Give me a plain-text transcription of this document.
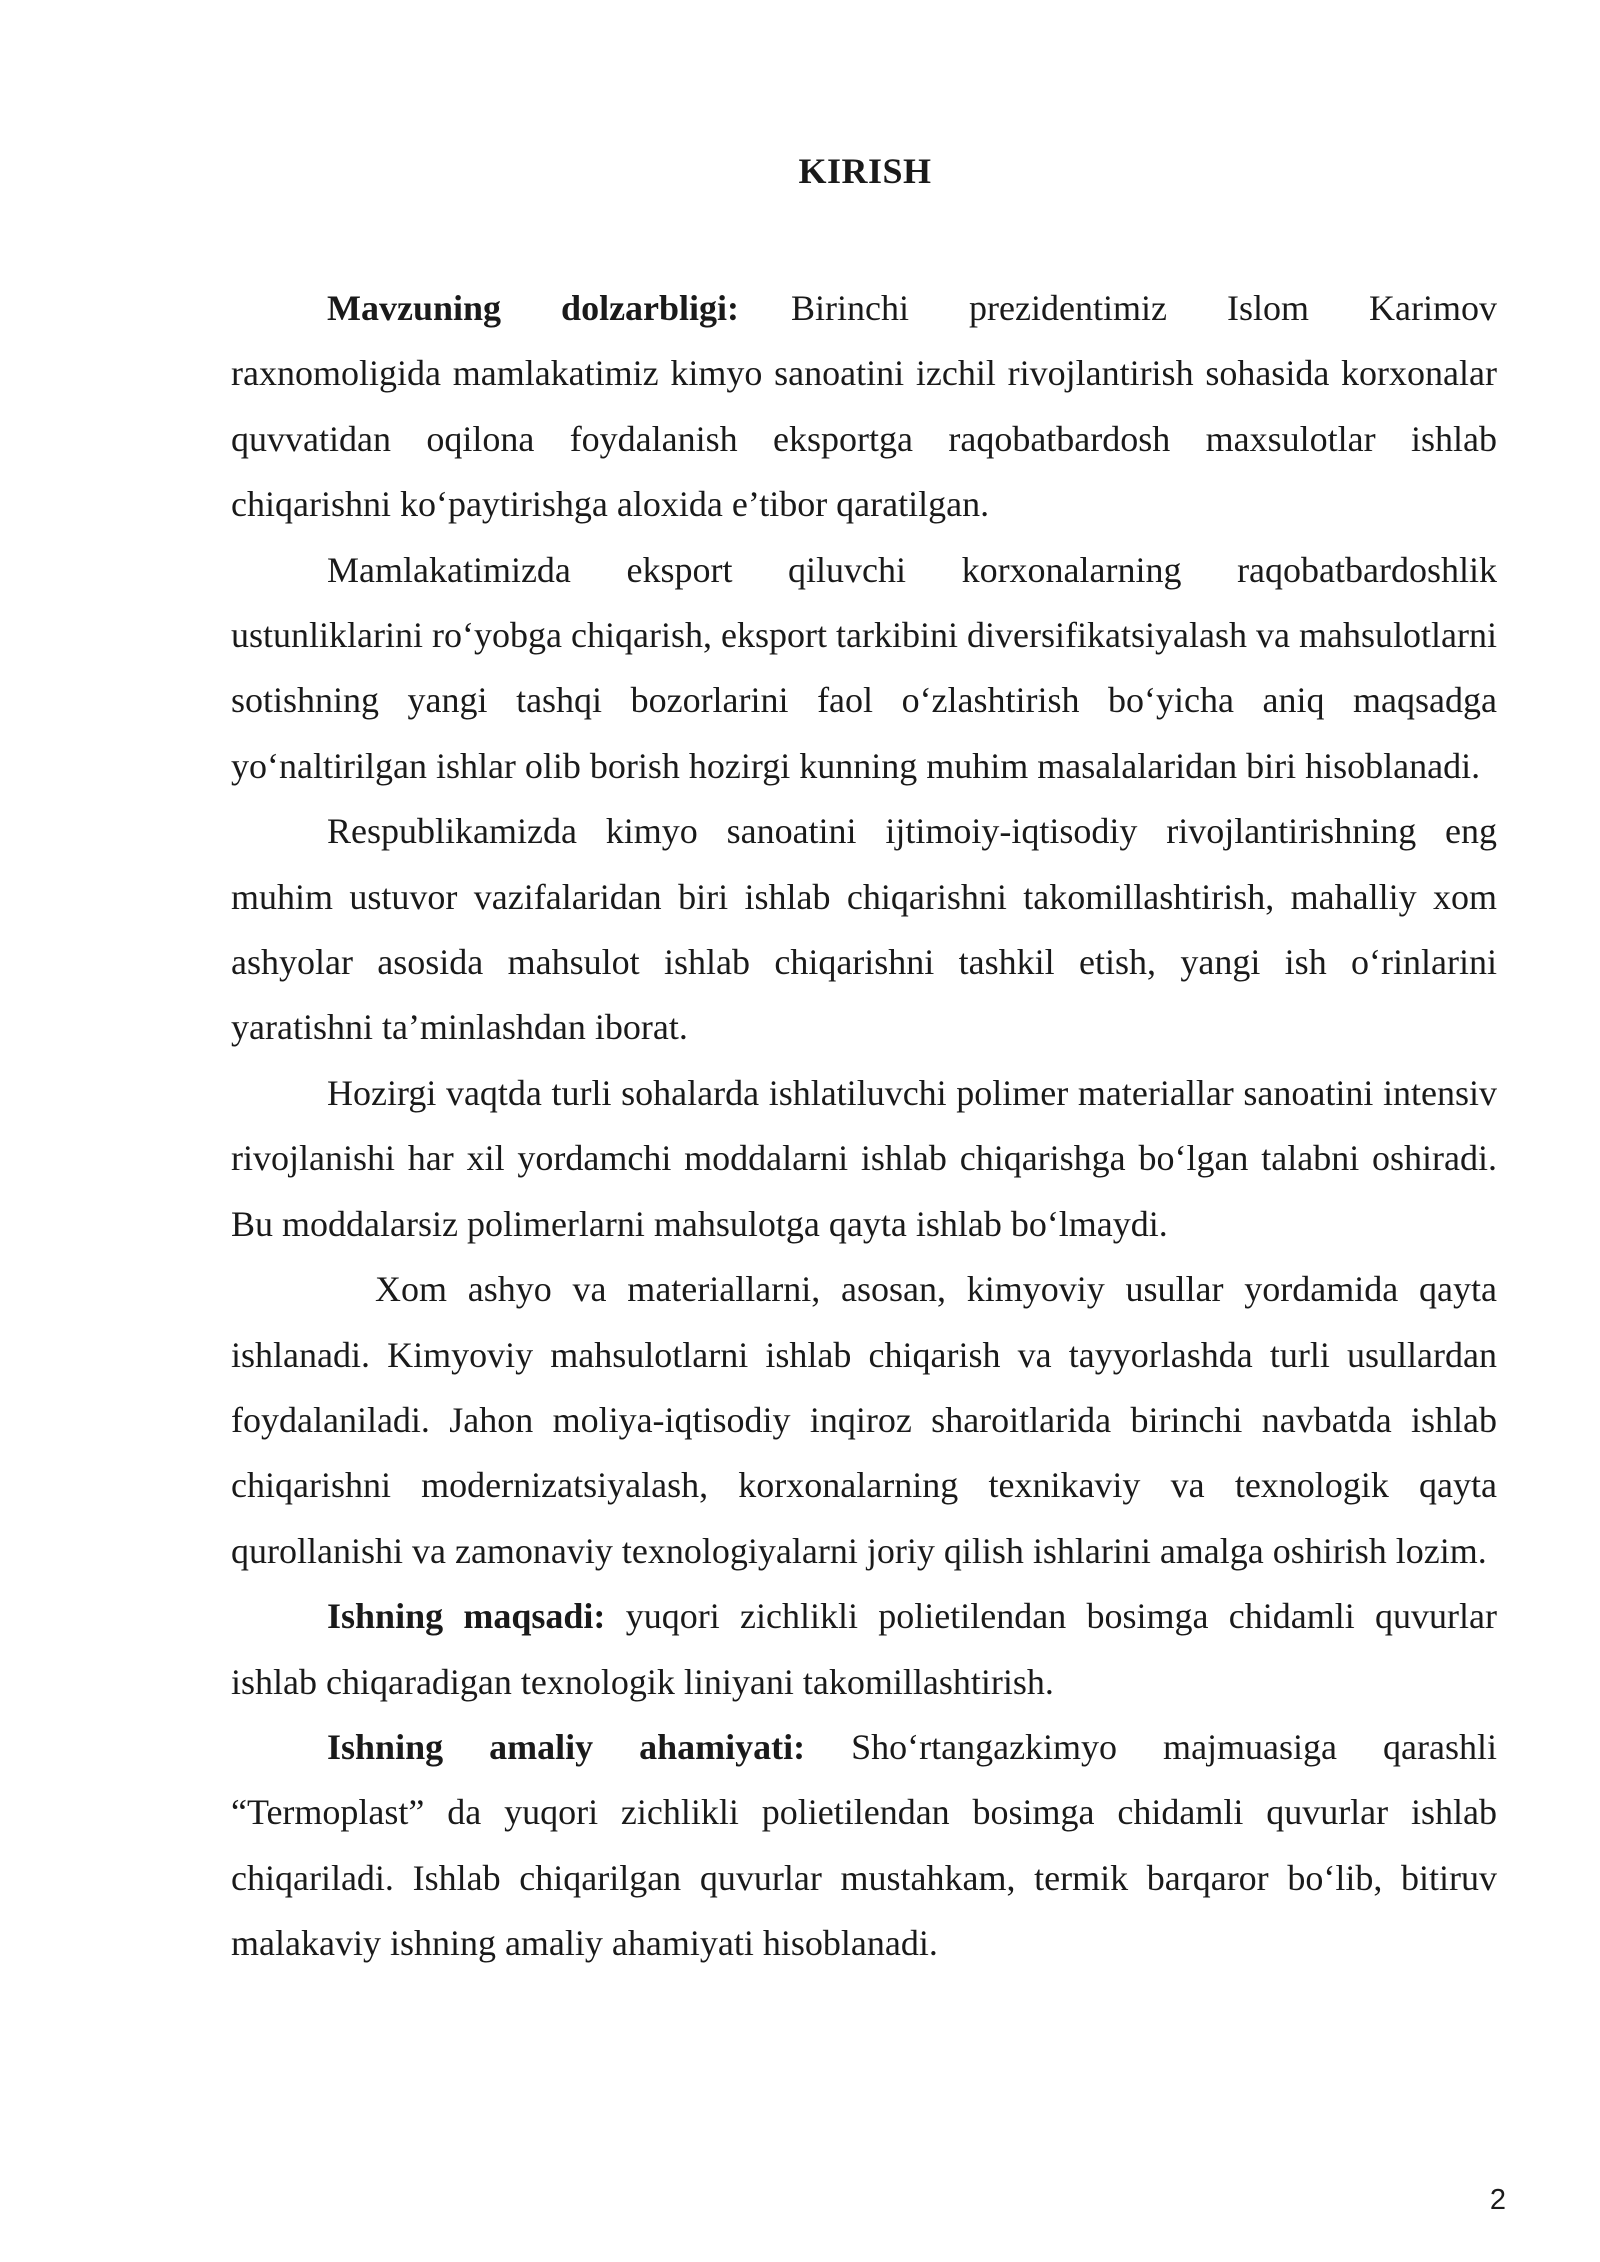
KIRISH

Mavzuning dolzarbligi: Birinchi prezidentimiz Islom Karimov raxnomoligida mamlakatimiz kimyo sanoatini izchil rivojlantirish sohasida korxonalar quvvatidan oqilona foydalanish eksportga raqobatbardosh maxsulotlar ishlab chiqarishni ko‘paytirishga aloxida e’tibor qaratilgan.

Mamlakatimizda eksport qiluvchi korxonalarning raqobatbardoshlik ustunliklarini ro‘yobga chiqarish, eksport tarkibini diversifikatsiyalash va mahsulotlarni sotishning yangi tashqi bozorlarini faol o‘zlashtirish bo‘yicha aniq maqsadga yo‘naltirilgan ishlar olib borish hozirgi kunning muhim masalalaridan biri hisoblanadi.

Respublikamizda kimyo sanoatini ijtimoiy-iqtisodiy rivojlantirishning eng muhim ustuvor vazifalaridan biri ishlab chiqarishni takomillashtirish, mahalliy xom ashyolar asosida mahsulot ishlab chiqarishni tashkil etish, yangi ish o‘rinlarini yaratishni ta’minlashdan iborat.

Hozirgi vaqtda turli sohalarda ishlatiluvchi polimer materiallar sanoatini intensiv rivojlanishi har xil yordamchi moddalarni ishlab chiqarishga bo‘lgan talabni oshiradi. Bu moddalarsiz polimerlarni mahsulotga qayta ishlab bo‘lmaydi.

Xom ashyo va materiallarni, asosan, kimyoviy usullar yordamida qayta ishlanadi. Kimyoviy mahsulotlarni ishlab chiqarish va tayyorlashda turli usullardan foydalaniladi. Jahon moliya-iqtisodiy inqiroz sharoitlarida birinchi navbatda ishlab chiqarishni modernizatsiyalash, korxonalarning texnikaviy va texnologik qayta qurollanishi va zamonaviy texnologiyalarni joriy qilish ishlarini amalga oshirish lozim.

Ishning maqsadi: yuqori zichlikli polietilendan bosimga chidamli quvurlar ishlab chiqaradigan texnologik liniyani takomillashtirish.

Ishning amaliy ahamiyati: Sho‘rtangazkimyo majmuasiga qarashli “Termoplast” da yuqori zichlikli polietilendan bosimga chidamli quvurlar ishlab chiqariladi. Ishlab chiqarilgan quvurlar mustahkam, termik barqaror bo‘lib, bitiruv malakaviy ishning amaliy ahamiyati hisoblanadi.

2
